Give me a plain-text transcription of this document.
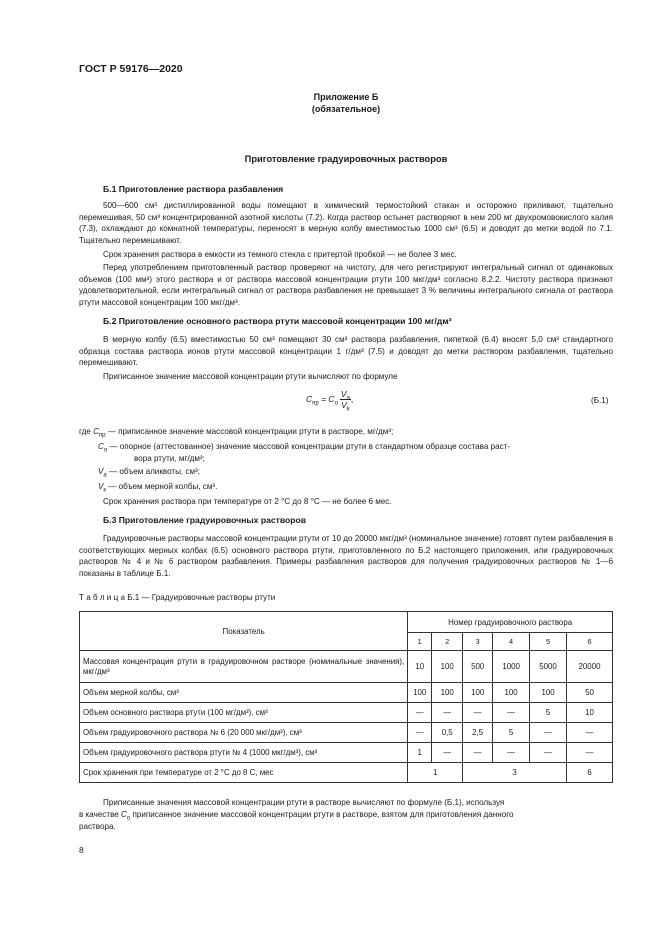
ГОСТ Р 59176—2020
Приложение Б
(обязательное)
Приготовление градуировочных растворов
Б.1 Приготовление раствора разбавления
500—600 см³ дистиллированной воды помещают в химический термостойкий стакан и осторожно приливают, тщательно перемешивая, 50 см³ концентрированной азотной кислоты (7.2). Когда раствор остынет растворяют в нем 200 мг двухромовокислого калия (7.3), охлаждают до комнатной температуры, переносят в мерную колбу вместимостью 1000 см³ (6.5) и доводят до метки водой по 7.1. Тщательно перемешивают.
Срок хранения раствора в емкости из темного стекла с притертой пробкой — не более 3 мес.
Перед употреблением приготовленный раствор проверяют на чистоту, для чего регистрируют интегральный сигнал от одинаковых объемов (100 мм³) этого раствора и от раствора массовой концентрации ртути 100 мкг/дм³ согласно 8.2.2. Чистоту раствора признают удовлетворительной, если интегральный сигнал от раствора разбавления не превышает 3 % величины интегрального сигнала от раствора ртути массовой концентрации 100 мкг/дм³.
Б.2 Приготовление основного раствора ртути массовой концентрации 100 мг/дм³
В мерную колбу (6.5) вместимостью 50 см³ помещают 30 см³ раствора разбавления, пипеткой (6.4) вносят 5,0 см³ стандартного образца состава раствора ионов ртути массовой концентрации 1 г/дм³ (7.5) и доводят до метки раствором разбавления, тщательно перемешивают.
Приписанное значение массовой концентрации ртути вычисляют по формуле
$C_{пр} = C_o \frac{V_a}{V_k}$ ,	(Б.1)
где $C_{пр}$ — приписанное значение массовой концентрации ртути в растворе, мг/дм³;
$C_о$ — опорное (аттестованное) значение массовой концентрации ртути в стандартном образце состава раст-
вора ртути, мг/дм³;
$V_a$ — объем аликвоты, см³;
$V_к$ — объем мерной колбы, см³.
Срок хранения раствора при температуре от 2 °С до 8 °С — не более 6 мес.
Б.3 Приготовление градуировочных растворов
Градуировочные растворы массовой концентрации ртути от 10 до 20000 мкг/дм³ (номинальное значение) готовят путем разбавления в соответствующих мерных колбах (6.5) основного раствора ртути, приготовленного по Б.2 настоящего приложения, или градуировочных растворов № 4 и № 6 раствором разбавления. Примеры разбавления растворов для получения градуировочных растворов № 1—6 показаны в таблице Б.1.
Т а б л и ц а Б.1 — Градуировочные растворы ртути
Показатель	Номер градуировочного раствора					
	1	2	3	4	5	6
Массовая концентрация ртути в градуировочном растворе (номинальные значения), мкг/дм³	10	100	500	1000	5000	20000
Объем мерной колбы, см³	100	100	100	100	100	50
Объем основного раствора ртути (100 мг/дм³), см³	—	—	—	—	5	10
Объем градуировочного раствора № 6 (20 000 мкг/дм³), см³	—	0,5	2,5	5	—	—
Объем градуировочного раствора ртути № 4 (1000 мкг/дм³), см³	1	—	—	—	—	—
Срок хранения при температуре от 2 °С до 8 С, мес	1		3			6
Приписанные значения массовой концентрации ртути в растворе вычисляют по формуле (Б.1), используя
в качестве $C_о$ приписанное значение массовой концентрации ртути в растворе, взятом для приготовления данного
раствора.
8
